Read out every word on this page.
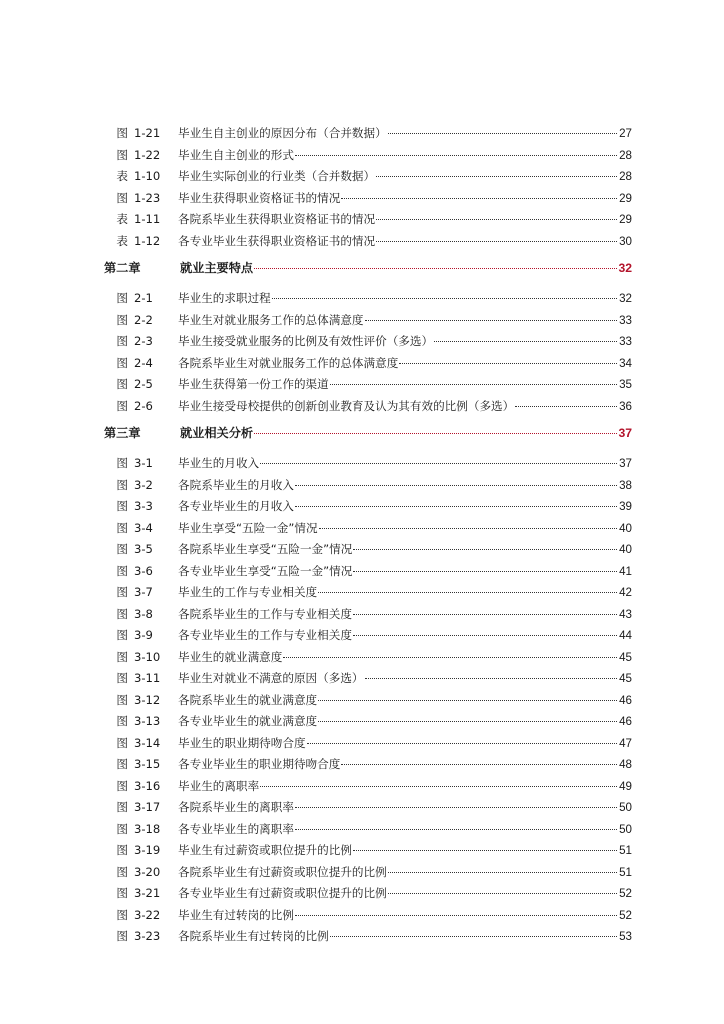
图 1-21	毕业生自主创业的原因分布（合并数据）	27
图 1-22	毕业生自主创业的形式	28
表 1-10	毕业生实际创业的行业类（合并数据）	28
图 1-23	毕业生获得职业资格证书的情况	29
表 1-11	各院系毕业生获得职业资格证书的情况	29
表 1-12	各专业毕业生获得职业资格证书的情况	30
第二章	就业主要特点	32
图 2-1	毕业生的求职过程	32
图 2-2	毕业生对就业服务工作的总体满意度	33
图 2-3	毕业生接受就业服务的比例及有效性评价（多选）	33
图 2-4	各院系毕业生对就业服务工作的总体满意度	34
图 2-5	毕业生获得第一份工作的渠道	35
图 2-6	毕业生接受母校提供的创新创业教育及认为其有效的比例（多选）	36
第三章	就业相关分析	37
图 3-1	毕业生的月收入	37
图 3-2	各院系毕业生的月收入	38
图 3-3	各专业毕业生的月收入	39
图 3-4	毕业生享受“五险一金”情况	40
图 3-5	各院系毕业生享受“五险一金”情况	40
图 3-6	各专业毕业生享受“五险一金”情况	41
图 3-7	毕业生的工作与专业相关度	42
图 3-8	各院系毕业生的工作与专业相关度	43
图 3-9	各专业毕业生的工作与专业相关度	44
图 3-10	毕业生的就业满意度	45
图 3-11	毕业生对就业不满意的原因（多选）	45
图 3-12	各院系毕业生的就业满意度	46
图 3-13	各专业毕业生的就业满意度	46
图 3-14	毕业生的职业期待吻合度	47
图 3-15	各专业毕业生的职业期待吻合度	48
图 3-16	毕业生的离职率	49
图 3-17	各院系毕业生的离职率	50
图 3-18	各专业毕业生的离职率	50
图 3-19	毕业生有过薪资或职位提升的比例	51
图 3-20	各院系毕业生有过薪资或职位提升的比例	51
图 3-21	各专业毕业生有过薪资或职位提升的比例	52
图 3-22	毕业生有过转岗的比例	52
图 3-23	各院系毕业生有过转岗的比例	53
